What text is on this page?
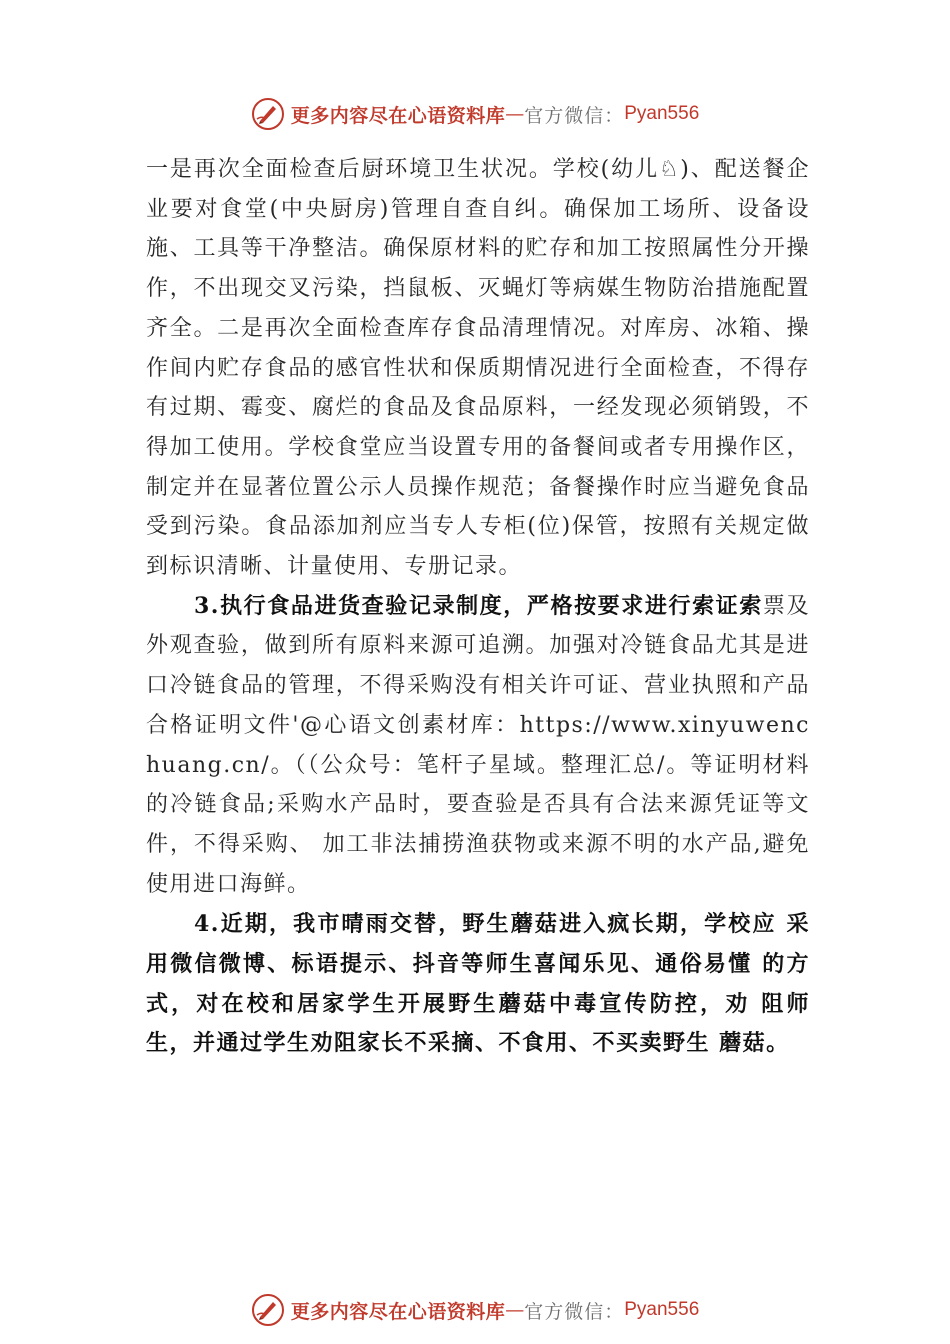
更多内容尽在心语资料库 — 官方微信： Pyan556

一是再次全面检查后厨环境卫生状况。学校(幼儿♘)、配送餐企业要对食堂(中央厨房)管理自查自纠。确保加工场所、设备设施、工具等干净整洁。确保原材料的贮存和加工按照属性分开操作，不出现交叉污染，挡鼠板、灭蝇灯等病媒生物防治措施配置齐全。二是再次全面检查库存食品清理情况。对库房、冰箱、操作间内贮存食品的感官性状和保质期情况进行全面检查，不得存有过期、霉变、腐烂的食品及食品原料，一经发现必须销毁，不得加工使用。学校食堂应当设置专用的备餐间或者专用操作区，制定并在显著位置公示人员操作规范；备餐操作时应当避免食品受到污染。食品添加剂应当专人专柜(位)保管，按照有关规定做到标识清晰、计量使用、专册记录。

3.执行食品进货查验记录制度，严格按要求进行索证索票及外观查验，做到所有原料来源可追溯。加强对冷链食品尤其是进口冷链食品的管理，不得采购没有相关许可证、营业执照和产品合格证明文件'@心语文创素材库：https://www.xinyuwenchuang.cn/。（（公众号：笔杆子星域。整理汇总/。等证明材料的冷链食品;采购水产品时，要查验是否具有合法来源凭证等文件，不得采购、 加工非法捕捞渔获物或来源不明的水产品,避免使用进口海鲜。

4.近期，我市晴雨交替，野生蘑菇进入疯长期，学校应 采用微信微博、标语提示、抖音等师生喜闻乐见、通俗易懂 的方式，对在校和居家学生开展野生蘑菇中毒宣传防控，劝 阻师生，并通过学生劝阻家长不采摘、不食用、不买卖野生 蘑菇。

更多内容尽在心语资料库 — 官方微信： Pyan556
